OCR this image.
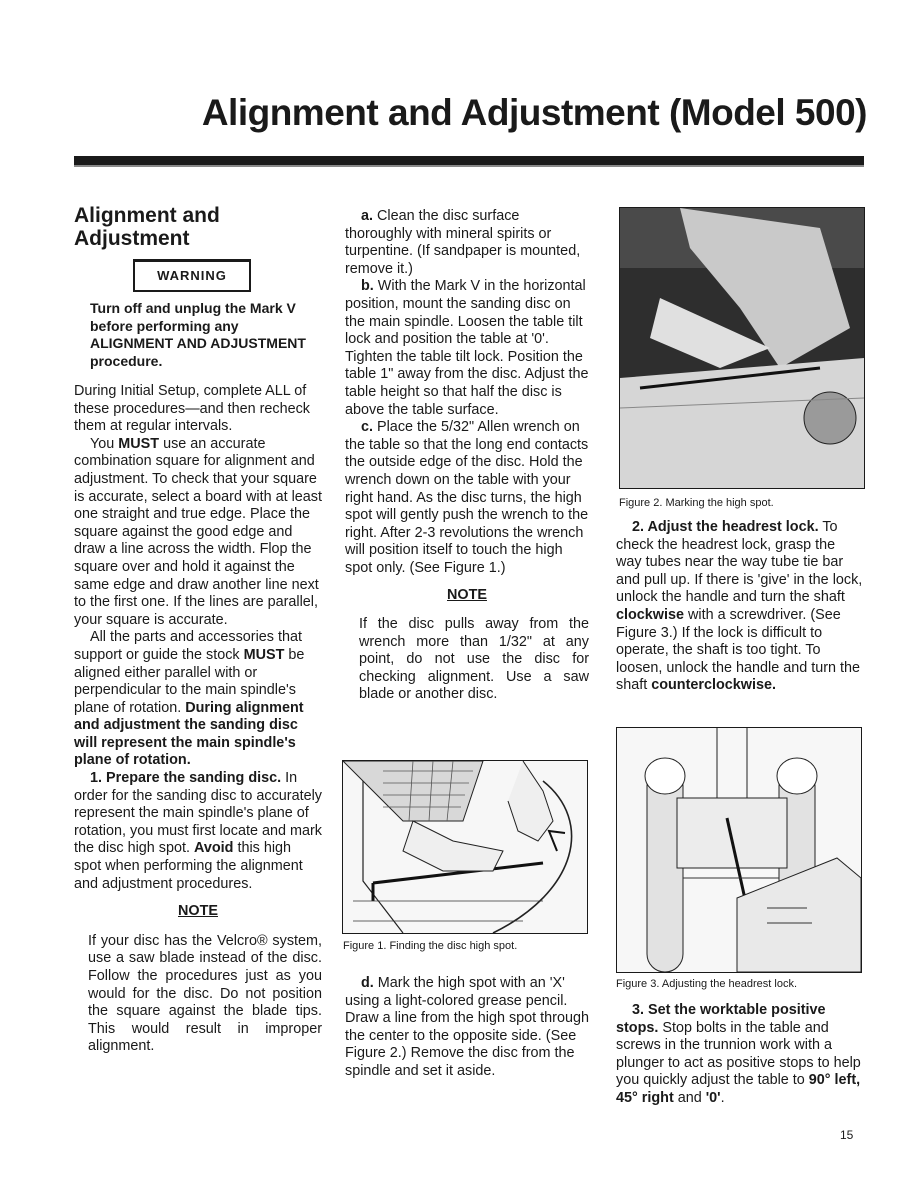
Alignment and Adjustment (Model 500)
Alignment and
Adjustment
WARNING
Turn off and unplug the Mark V before performing any ALIGNMENT AND ADJUSTMENT procedure.

During Initial Setup, complete ALL of these procedures—and then recheck them at regular intervals.

You MUST use an accurate combination square for alignment and adjustment. To check that your square is accurate, select a board with at least one straight and true edge. Place the square against the good edge and draw a line across the width. Flop the square over and hold it against the same edge and draw another line next to the first one. If the lines are parallel, your square is accurate.

All the parts and accessories that support or guide the stock MUST be aligned either parallel with or perpendicular to the main spindle's plane of rotation. During alignment and adjustment the sanding disc will represent the main spindle's plane of rotation.

1. Prepare the sanding disc. In order for the sanding disc to accurately represent the main spindle's plane of rotation, you must first locate and mark the disc high spot. Avoid this high spot when performing the alignment and adjustment procedures.

NOTE

If your disc has the Velcro® system, use a saw blade instead of the disc. Follow the procedures just as you would for the disc. Do not position the square against the blade tips. This would result in improper alignment.

a. Clean the disc surface thoroughly with mineral spirits or turpentine. (If sandpaper is mounted, remove it.)

b. With the Mark V in the horizontal position, mount the sanding disc on the main spindle. Loosen the table tilt lock and position the table at '0'. Tighten the table tilt lock. Position the table 1" away from the disc. Adjust the table height so that half the disc is above the table surface.

c. Place the 5/32" Allen wrench on the table so that the long end contacts the outside edge of the disc. Hold the wrench down on the table with your right hand. As the disc turns, the high spot will gently push the wrench to the right. After 2-3 revolutions the wrench will position itself to touch the high spot only. (See Figure 1.)

NOTE

If the disc pulls away from the wrench more than 1/32" at any point, do not use the disc for checking alignment. Use a saw blade or another disc.

Figure 1. Finding the disc high spot.

d. Mark the high spot with an 'X' using a light-colored grease pencil. Draw a line from the high spot through the center to the opposite side. (See Figure 2.) Remove the disc from the spindle and set it aside.

Figure 2. Marking the high spot.

2. Adjust the headrest lock. To check the headrest lock, grasp the way tubes near the way tube tie bar and pull up. If there is 'give' in the lock, unlock the handle and turn the shaft clockwise with a screwdriver. (See Figure 3.) If the lock is difficult to operate, the shaft is too tight. To loosen, unlock the handle and turn the shaft counterclockwise.

Figure 3. Adjusting the headrest lock.

3. Set the worktable positive stops. Stop bolts in the table and screws in the trunnion work with a plunger to act as positive stops to help you quickly adjust the table to 90° left, 45° right and '0'.

15
